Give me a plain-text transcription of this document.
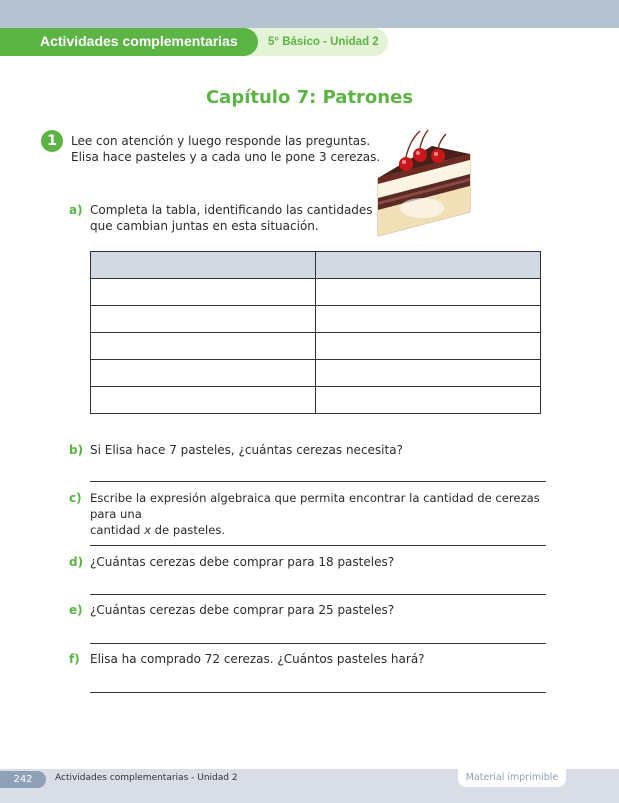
Actividades complementarias	5° Básico - Unidad 2
Capítulo 7: Patrones
1	Lee con atención y luego responde las preguntas.
Elisa hace pasteles y a cada uno le pone 3 cerezas.
a) Completa la tabla, identificando las cantidades
que cambian juntas en esta situación.

b) Si Elisa hace 7 pasteles, ¿cuántas cerezas necesita?
c) Escribe la expresión algebraica que permita encontrar la cantidad de cerezas para una
cantidad x de pasteles.
d) ¿Cuántas cerezas debe comprar para 18 pasteles?
e) ¿Cuántas cerezas debe comprar para 25 pasteles?
f) Elisa ha comprado 72 cerezas. ¿Cuántos pasteles hará?
242	Actividades complementarias - Unidad 2	Material imprimible
